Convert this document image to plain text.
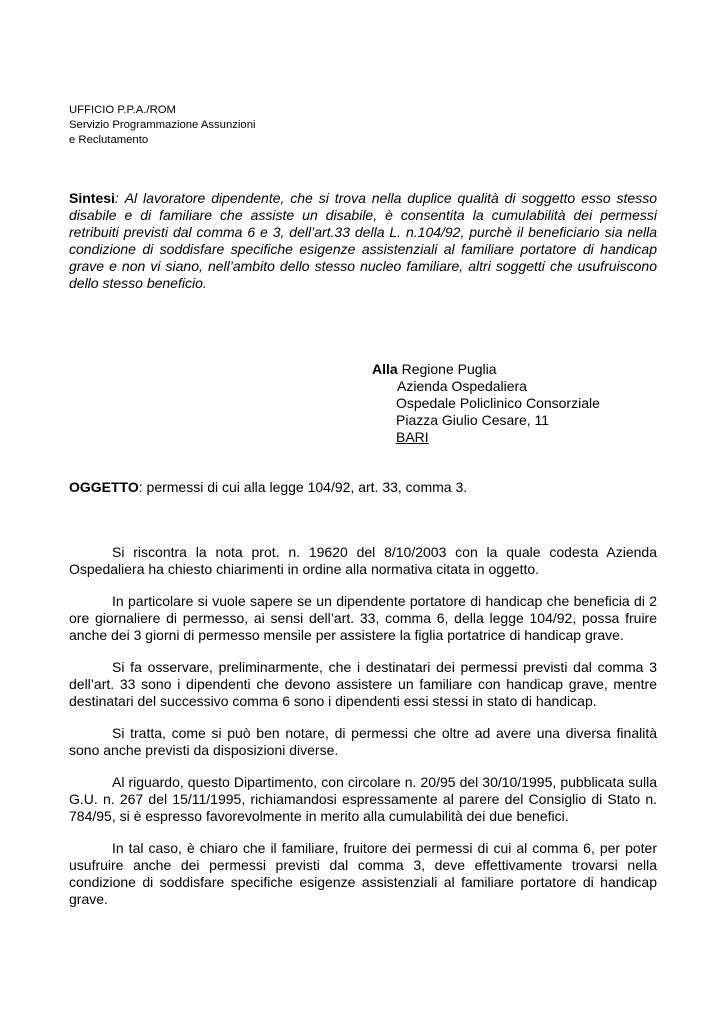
UFFICIO P.P.A./ROM
Servizio Programmazione Assunzioni
e Reclutamento
Sintesi: Al lavoratore dipendente, che si trova nella duplice qualità di soggetto esso stesso disabile e di familiare che assiste un disabile, è consentita la cumulabilità dei permessi retribuiti previsti dal comma 6 e 3, dell’art.33 della L. n.104/92, purchè il beneficiario sia nella condizione di soddisfare specifiche esigenze assistenziali al familiare portatore di handicap grave e non vi siano, nell’ambito dello stesso nucleo familiare, altri soggetti che usufruiscono dello stesso beneficio.
Alla Regione Puglia
Azienda Ospedaliera
Ospedale Policlinico Consorziale
Piazza Giulio Cesare, 11
BARI
OGGETTO: permessi di cui alla legge 104/92, art. 33, comma 3.

Si riscontra la nota prot. n. 19620 del 8/10/2003 con la quale codesta Azienda Ospedaliera ha chiesto chiarimenti in ordine alla normativa citata in oggetto.

In particolare si vuole sapere se un dipendente portatore di handicap che beneficia di 2 ore giornaliere di permesso, ai sensi dell’art. 33, comma 6, della legge 104/92, possa fruire anche dei 3 giorni di permesso mensile per assistere la figlia portatrice di handicap grave.

Si fa osservare, preliminarmente, che i destinatari dei permessi previsti dal comma 3 dell’art. 33 sono i dipendenti che devono assistere un familiare con handicap grave, mentre destinatari del successivo comma 6 sono i dipendenti essi stessi in stato di handicap.

Si tratta, come si può ben notare, di permessi che oltre ad avere una diversa finalità sono anche previsti da disposizioni diverse.

Al riguardo, questo Dipartimento, con circolare n. 20/95 del 30/10/1995, pubblicata sulla G.U. n. 267 del 15/11/1995, richiamandosi espressamente al parere del Consiglio di Stato n. 784/95, si è espresso favorevolmente in merito alla cumulabilità dei due benefici.

In tal caso, è chiaro che il familiare, fruitore dei permessi di cui al comma 6, per poter usufruire anche dei permessi previsti dal comma 3, deve effettivamente trovarsi nella condizione di soddisfare specifiche esigenze assistenziali al familiare portatore di handicap grave.
